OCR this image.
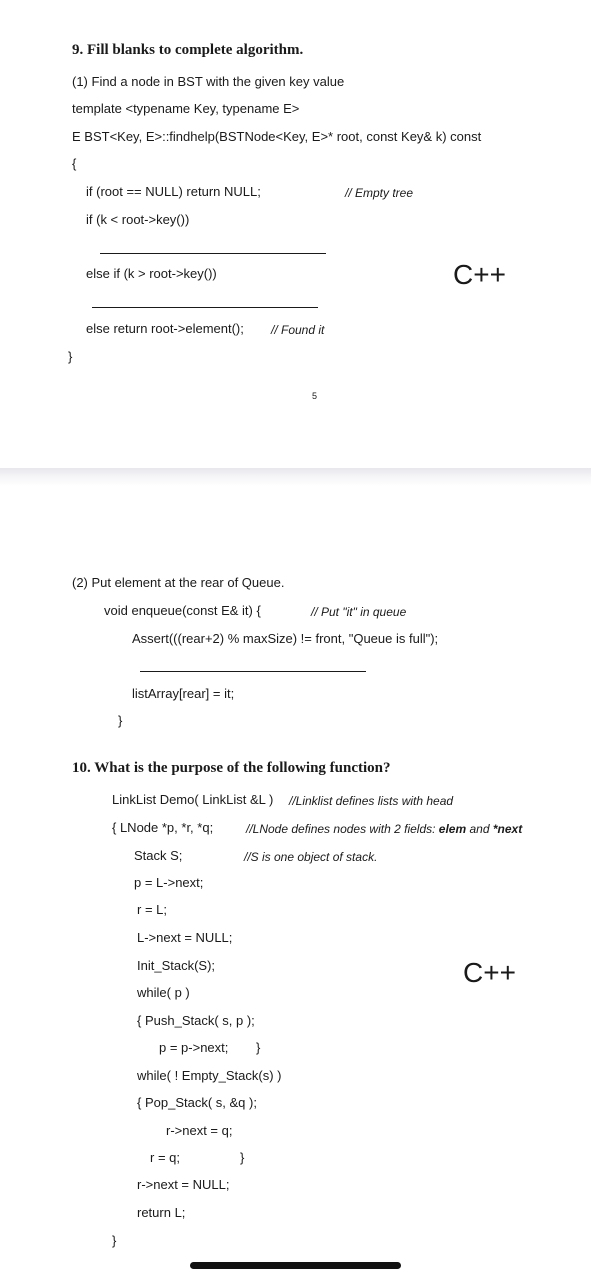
9. Fill blanks to complete algorithm.
(1) Find a node in BST with the given key value
template <typename Key, typename E>
E BST<Key, E>::findhelp(BSTNode<Key, E>* root, const Key& k) const
{
if (root == NULL) return NULL;	// Empty tree
if (k < root->key())
else if (k > root->key())	C++
else return root->element(); // Found it
}
5
(2) Put element at the rear of Queue.
void enqueue(const E& it) {	// Put "it" in queue
Assert(((rear+2) % maxSize) != front, "Queue is full");
listArray[rear] = it;
}
10. What is the purpose of the following function?
LinkList Demo( LinkList &L ) //Linklist defines lists with head
{ LNode *p, *r, *q;	//LNode defines nodes with 2 fields: elem and *next
Stack S;	//S is one object of stack.
p = L->next;
r = L;
L->next = NULL;
Init_Stack(S);	C++
while( p )
{ Push_Stack( s, p );
p = p->next; }
while( ! Empty_Stack(s) )
{ Pop_Stack( s, &q );
r->next = q;
r = q;	}
r->next = NULL;
return L;
}
